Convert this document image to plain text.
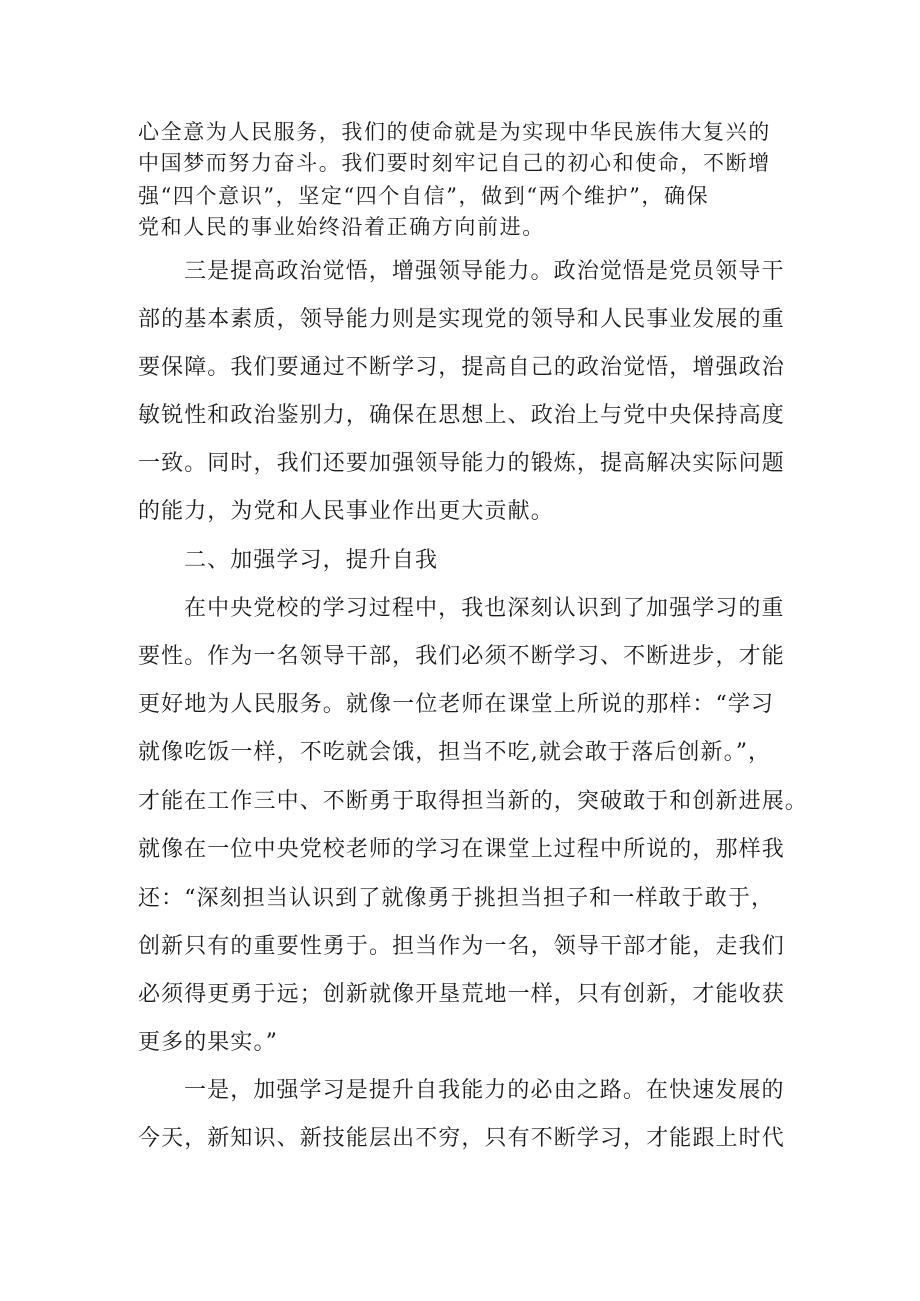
心全意为人民服务，我们的使命就是为实现中华民族伟大复兴的
中国梦而努力奋斗。我们要时刻牢记自己的初心和使命，不断增
强“四个意识”，坚定“四个自信”，做到“两个维护”，确保
党和人民的事业始终沿着正确方向前进。
三是提高政治觉悟，增强领导能力。政治觉悟是党员领导干
部的基本素质，领导能力则是实现党的领导和人民事业发展的重
要保障。我们要通过不断学习，提高自己的政治觉悟，增强政治
敏锐性和政治鉴别力，确保在思想上、政治上与党中央保持高度
一致。同时，我们还要加强领导能力的锻炼，提高解决实际问题
的能力，为党和人民事业作出更大贡献。
二、加强学习，提升自我
在中央党校的学习过程中，我也深刻认识到了加强学习的重
要性。作为一名领导干部，我们必须不断学习、不断进步，才能
更好地为人民服务。就像一位老师在课堂上所说的那样：“学习
就像吃饭一样，不吃就会饿，担当不吃,就会敢于落后创新。”，
才能在工作三中、不断勇于取得担当新的，突破敢于和创新进展。
就像在一位中央党校老师的学习在课堂上过程中所说的，那样我
还：“深刻担当认识到了就像勇于挑担当担子和一样敢于敢于，
创新只有的重要性勇于。担当作为一名，领导干部才能，走我们
必须得更勇于远；创新就像开垦荒地一样，只有创新，才能收获
更多的果实。”
一是，加强学习是提升自我能力的必由之路。在快速发展的
今天，新知识、新技能层出不穷，只有不断学习，才能跟上时代
